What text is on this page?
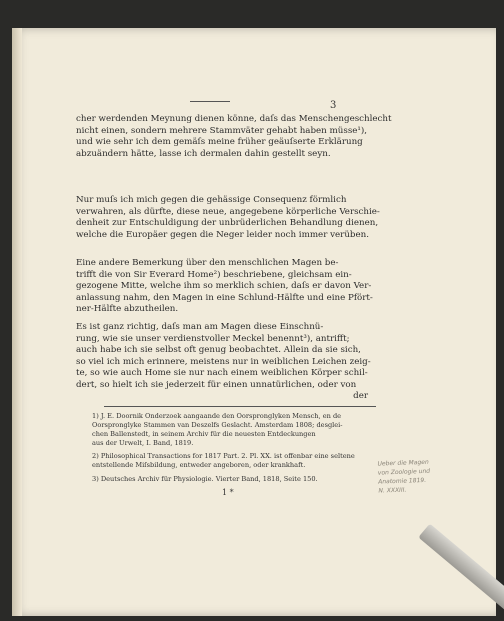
3

cher werdenden Meynung dienen könne, daſs das Menschengeschlecht
nicht einen, sondern mehrere Stammväter gehabt haben müsse¹),
und wie sehr ich dem gemäſs meine früher geäuſserte Erklärung
abzuändern hätte, lasse ich dermalen dahin gestellt seyn.

Nur muſs ich mich gegen die gehässige Consequenz förmlich
verwahren, als dürfte, diese neue, angegebene körperliche Verschie-
denheit zur Entschuldigung der unbrüderlichen Behandlung dienen,
welche die Europäer gegen die Neger leider noch immer verüben.

Eine andere Bemerkung über den menschlichen Magen be-
trifft die von Sir Everard Home²) beschriebene, gleichsam ein-
gezogene Mitte, welche ihm so merklich schien, daſs er davon Ver-
anlassung nahm, den Magen in eine Schlund-Hälfte und eine Pfört-
ner-Hälfte abzutheilen.

Es ist ganz richtig, daſs man am Magen diese Einschnü-
rung, wie sie unser verdienstvoller Meckel benennt³), antrifft;
auch habe ich sie selbst oft genug beobachtet. Allein da sie sich,
so viel ich mich erinnere, meistens nur in weiblichen Leichen zeig-
te, so wie auch Home sie nur nach einem weiblichen Körper schil-
dert, so hielt ich sie jederzeit für einen unnatürlichen, oder von
der

1) J. E. Doornik Onderzoek aangaande den Oorspronglyken Mensch, en de
Oorspronglyke Stammen van Deszelfs Geslacht. Amsterdam 1808; desglei-
chen Ballenstedt, in seinem Archiv für die neuesten Entdeckungen
aus der Urwelt, I. Band, 1819.

2) Philosophical Transactions for 1817 Part. 2. Pl. XX. ist offenbar eine seltene
entstellende Miſsbildung, entweder angeboren, oder krankhaft.

3) Deutsches Archiv für Physiologie. Vierter Band, 1818, Seite 150.

1 *
Ueber die Magen
von Zoologie und
Anatomie 1819.
N. XXXIII.
